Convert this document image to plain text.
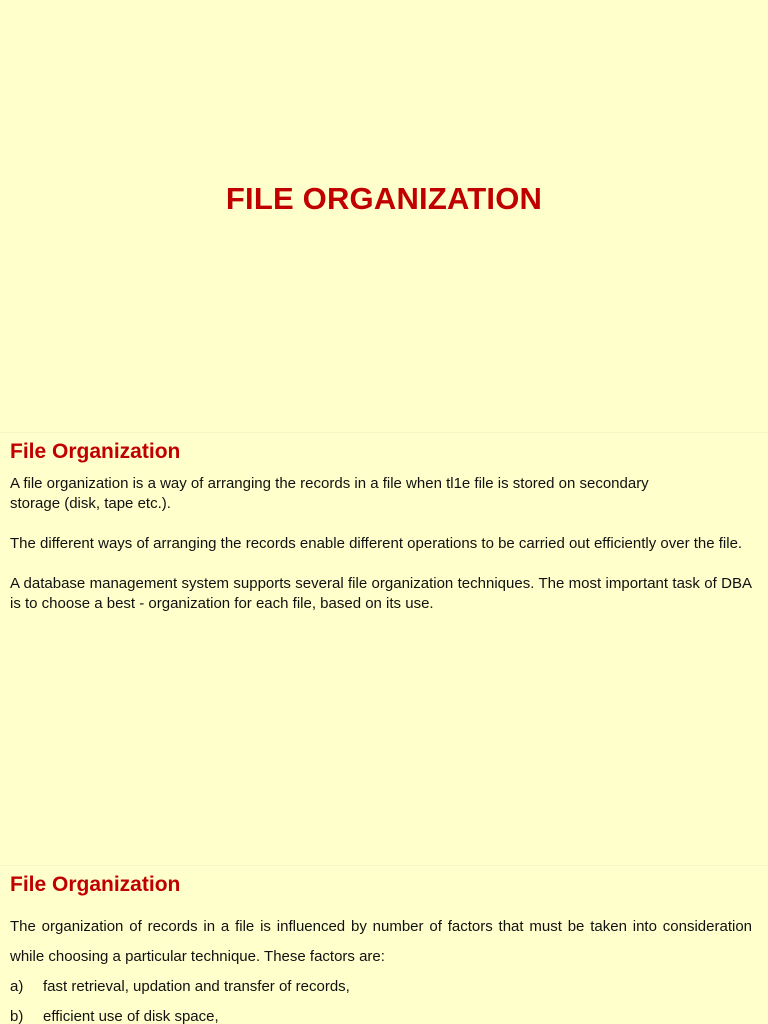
FILE ORGANIZATION
File Organization

A file organization is a way of arranging the records in a file when tl1e file is stored on secondary storage (disk, tape etc.).

The different ways of arranging the records enable different operations to be carried out efficiently over the file.

A database management system supports several file organization techniques. The most important task of DBA is to choose a best - organization for each file, based on its use.

File Organization

The organization of records in a file is influenced by number of factors that must be taken into consideration while choosing a particular technique. These factors are:

a)	fast retrieval, updation and transfer of records,
b)	efficient use of disk space,
